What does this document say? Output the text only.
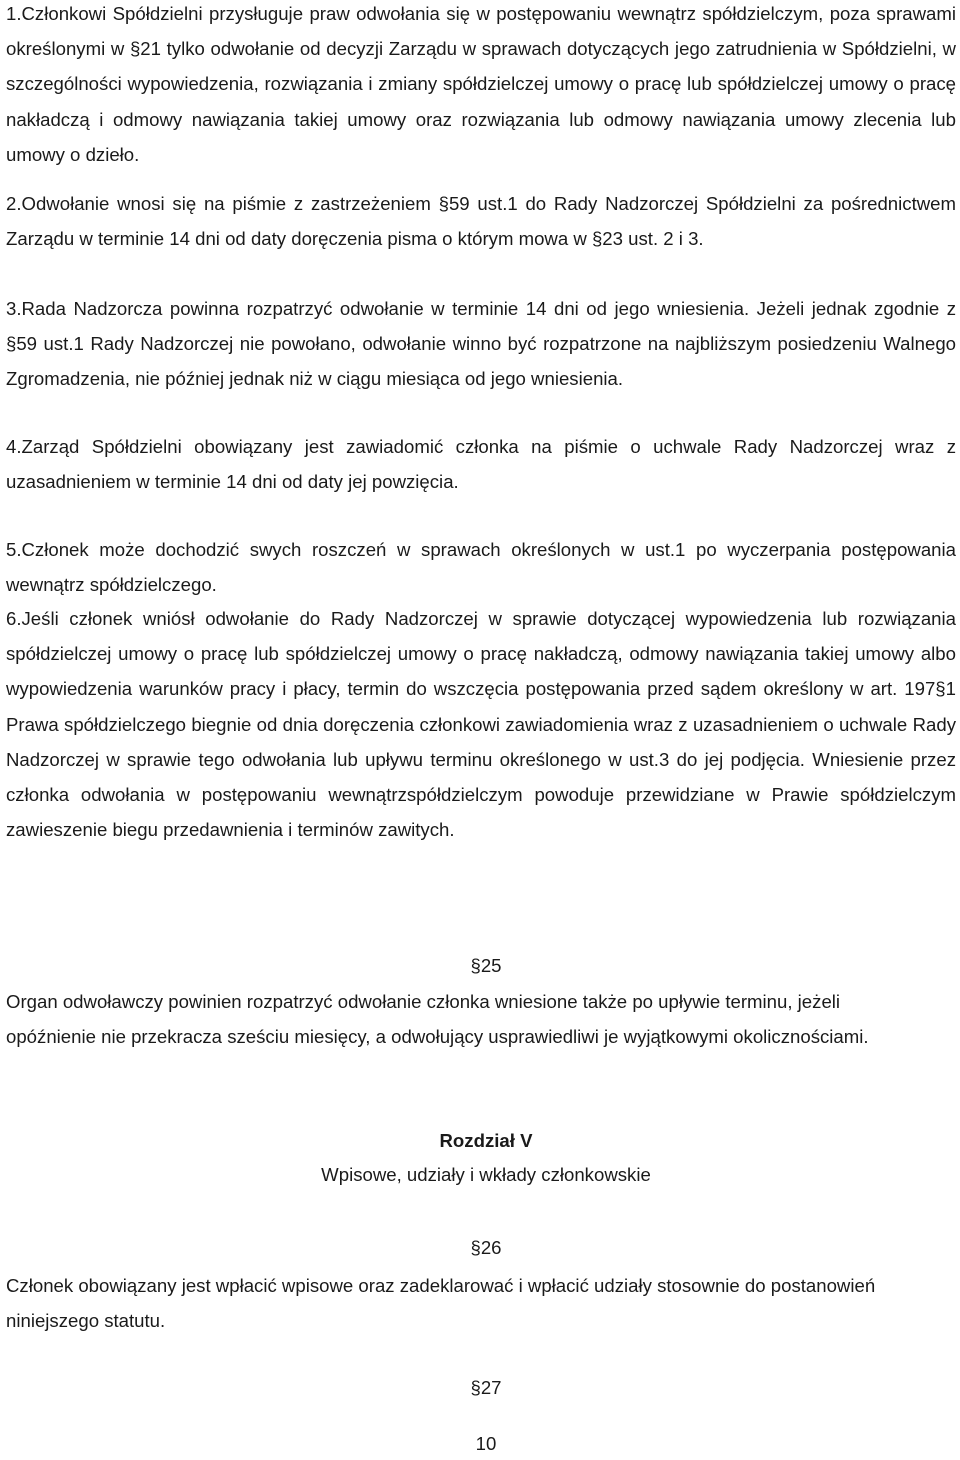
1.Członkowi Spółdzielni przysługuje praw odwołania się w postępowaniu wewnątrz spółdzielczym, poza sprawami określonymi w §21 tylko odwołanie od decyzji Zarządu w sprawach dotyczących jego zatrudnienia w Spółdzielni, w szczególności wypowiedzenia, rozwiązania i zmiany spółdzielczej umowy o pracę lub spółdzielczej umowy o pracę nakładczą i odmowy nawiązania takiej umowy oraz rozwiązania lub odmowy nawiązania umowy zlecenia lub umowy o dzieło.

2.Odwołanie wnosi się na piśmie z zastrzeżeniem §59 ust.1 do Rady Nadzorczej Spółdzielni za pośrednictwem Zarządu w terminie 14 dni od daty doręczenia pisma o którym mowa w §23 ust. 2 i 3.

3.Rada Nadzorcza powinna rozpatrzyć odwołanie w terminie 14 dni od jego wniesienia. Jeżeli jednak zgodnie z §59 ust.1 Rady Nadzorczej nie powołano, odwołanie winno być rozpatrzone na najbliższym posiedzeniu Walnego Zgromadzenia, nie później jednak niż w ciągu miesiąca od jego wniesienia.

4.Zarząd Spółdzielni obowiązany jest zawiadomić członka na piśmie o uchwale Rady Nadzorczej wraz z uzasadnieniem w terminie 14 dni od daty jej powzięcia.

5.Członek może dochodzić swych roszczeń w sprawach określonych w ust.1 po wyczerpania postępowania wewnątrz spółdzielczego.

6.Jeśli członek wniósł odwołanie do Rady Nadzorczej w sprawie dotyczącej wypowiedzenia lub rozwiązania spółdzielczej umowy o pracę lub spółdzielczej umowy o pracę nakładczą, odmowy nawiązania takiej umowy albo wypowiedzenia warunków pracy i płacy, termin do wszczęcia postępowania przed sądem określony w art. 197§1 Prawa spółdzielczego biegnie od dnia doręczenia członkowi zawiadomienia wraz z uzasadnieniem o uchwale Rady Nadzorczej w sprawie tego odwołania lub upływu terminu określonego w ust.3 do jej podjęcia. Wniesienie przez członka odwołania w postępowaniu wewnątrzspółdzielczym powoduje przewidziane w Prawie spółdzielczym zawieszenie biegu przedawnienia i terminów zawitych.

§25

Organ odwoławczy powinien rozpatrzyć odwołanie członka wniesione także po upływie terminu, jeżeli opóźnienie nie przekracza sześciu miesięcy, a odwołujący usprawiedliwi je wyjątkowymi okolicznościami.

Rozdział V
Wpisowe, udziały i wkłady członkowskie
§26

Członek obowiązany jest wpłacić wpisowe oraz zadeklarować i wpłacić udziały stosownie do postanowień niniejszego statutu.

§27
10
